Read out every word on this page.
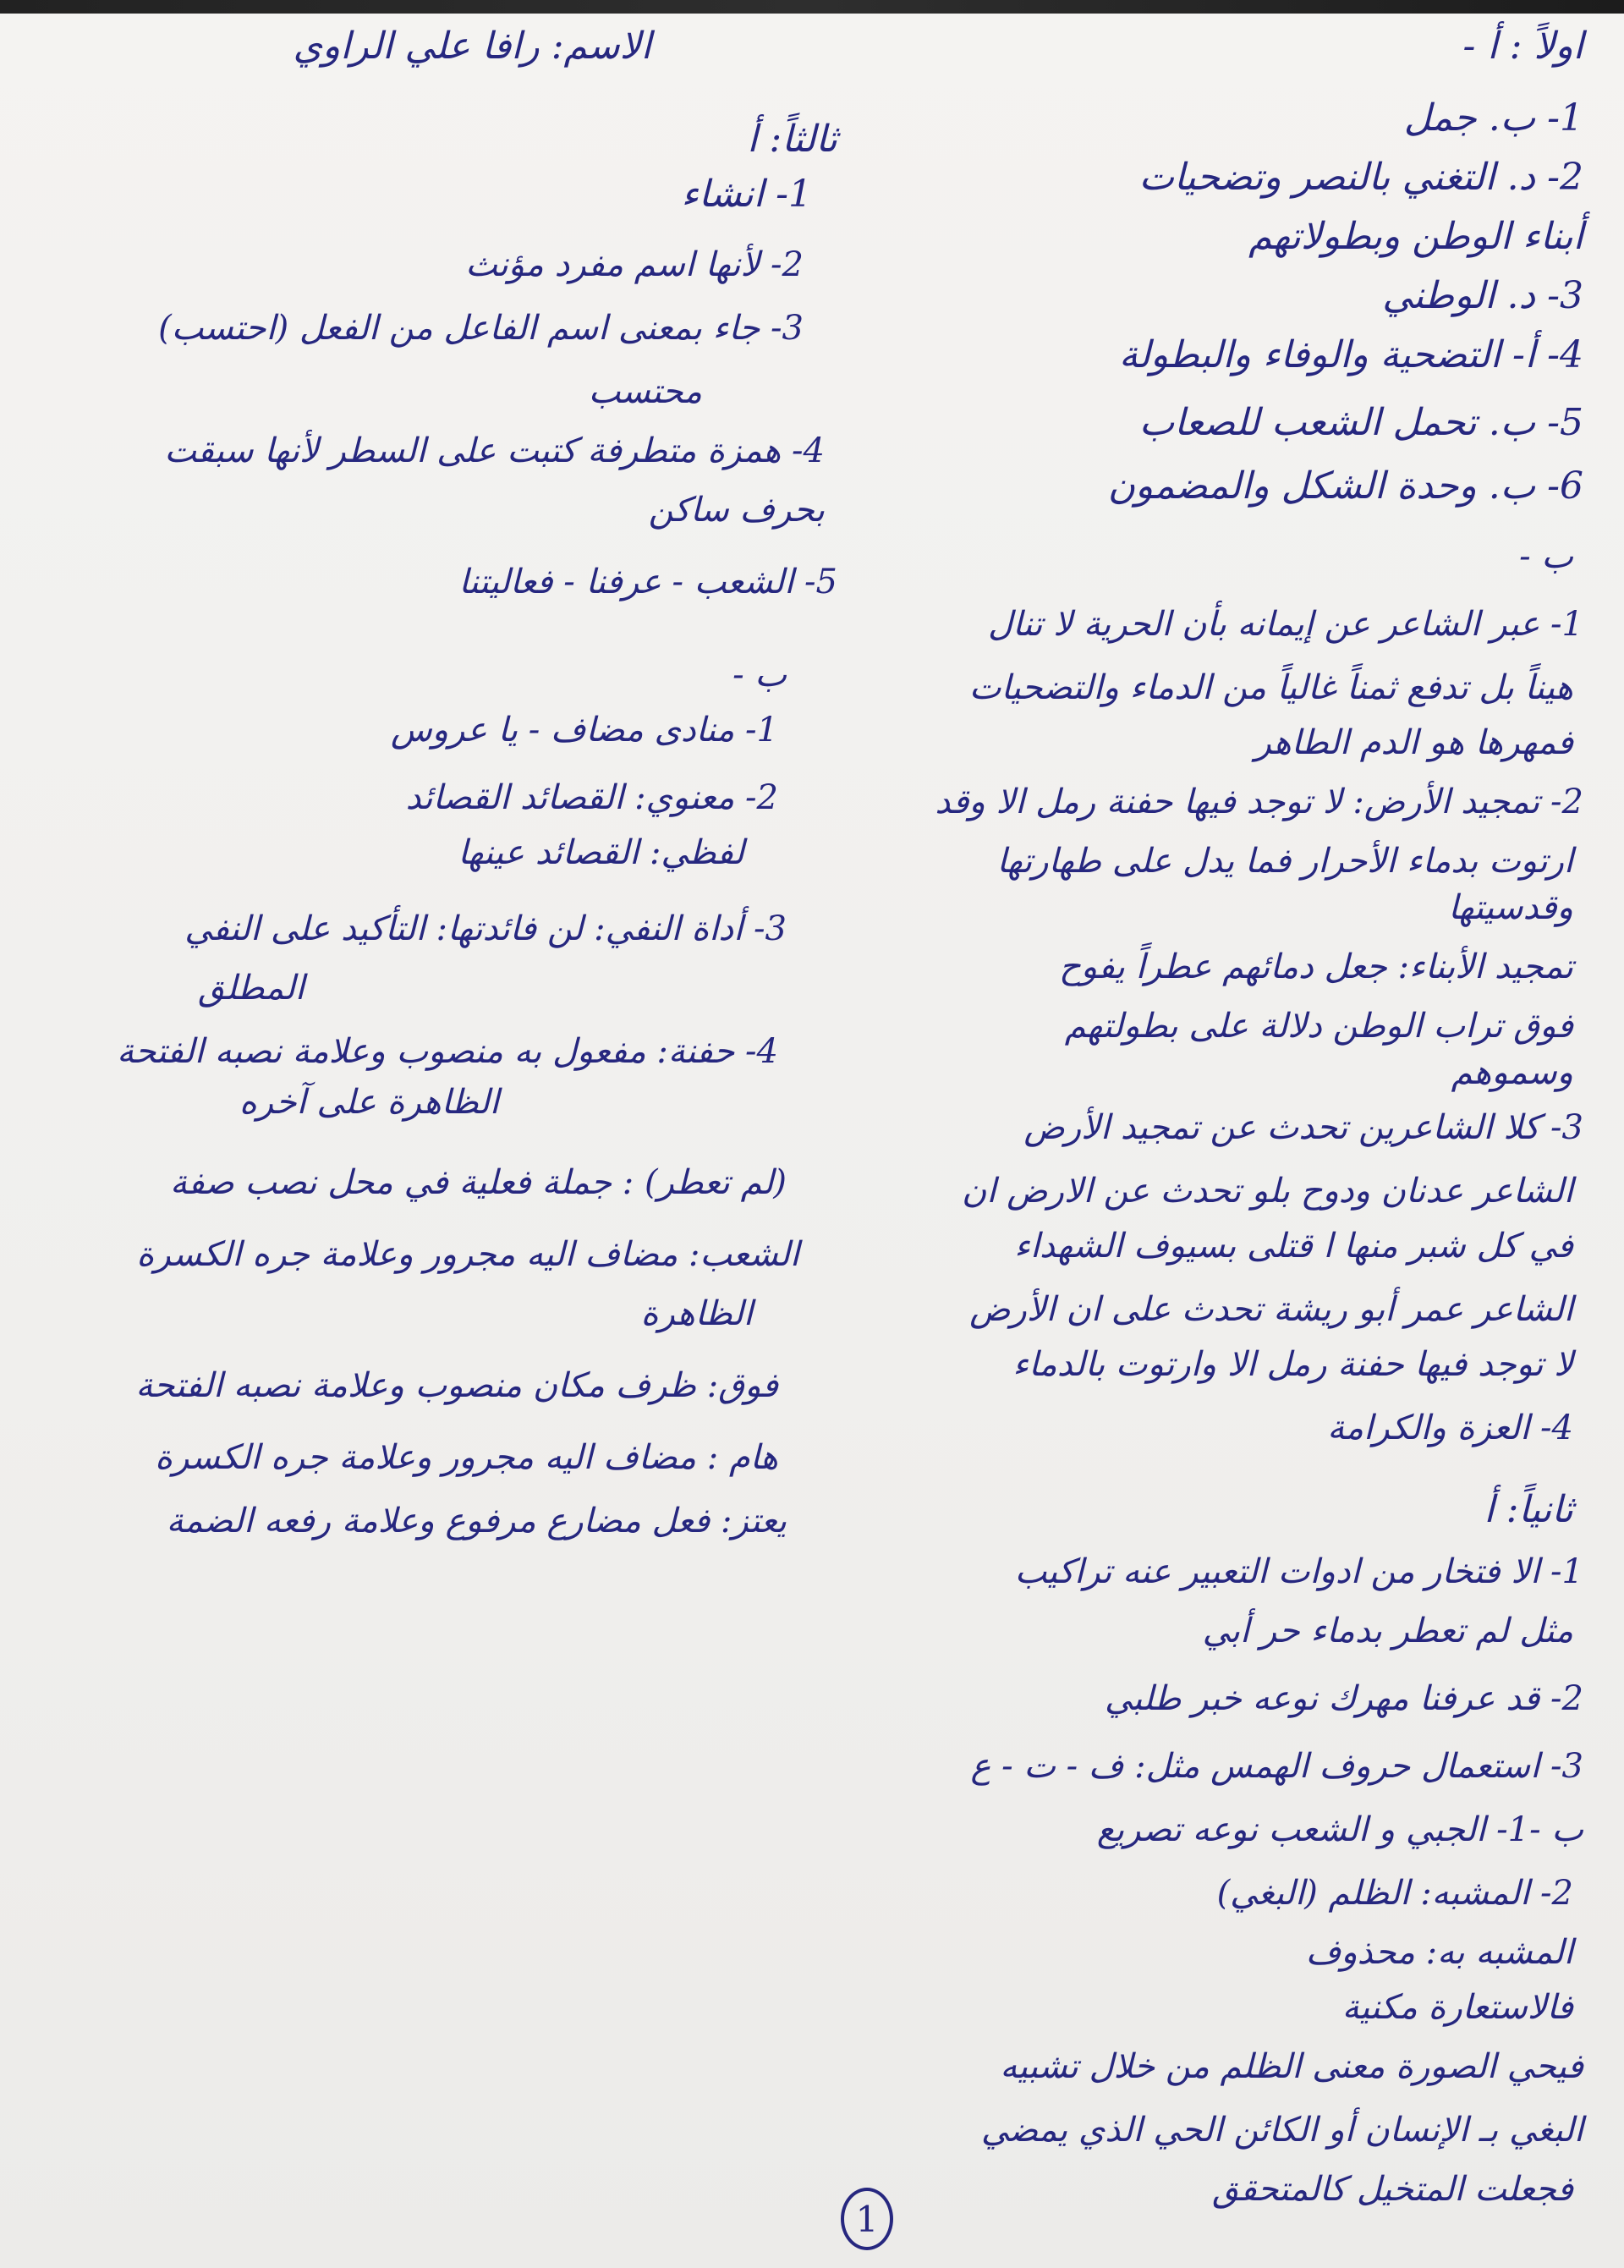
الاسم: رافا علي الراوي	اولاً : أ -
ثالثاً: أ
1- انشاء
2- لأنها اسم مفرد مؤنث
3- جاء بمعنى اسم الفاعل من الفعل (احتسب)
محتسب
4- همزة متطرفة كتبت على السطر لأنها سبقت
بحرف ساكن
5- الشعب - عرفنا - فعاليتنا
ب -
1- منادى مضاف - يا عروس
2- معنوي: القصائد القصائد
لفظي: القصائد عينها
3- أداة النفي: لن فائدتها: التأكيد على النفي
المطلق
4- حفنة: مفعول به منصوب وعلامة نصبه الفتحة
الظاهرة على آخره
(لم تعطر) : جملة فعلية في محل نصب صفة
الشعب: مضاف اليه مجرور وعلامة جره الكسرة
الظاهرة
فوق: ظرف مكان منصوب وعلامة نصبه الفتحة
هام : مضاف اليه مجرور وعلامة جره الكسرة
يعتز: فعل مضارع مرفوع وعلامة رفعه الضمة
1- ب. جمل
2- د. التغني بالنصر وتضحيات
أبناء الوطن وبطولاتهم
3- د. الوطني
4- أ- التضحية والوفاء والبطولة
5- ب. تحمل الشعب للصعاب
6- ب. وحدة الشكل والمضمون
ب -
1- عبر الشاعر عن إيمانه بأن الحرية لا تنال
هيناً بل تدفع ثمناً غالياً من الدماء والتضحيات
فمهرها هو الدم الطاهر
2- تمجيد الأرض: لا توجد فيها حفنة رمل الا وقد
ارتوت بدماء الأحرار فما يدل على طهارتها
وقدسيتها
تمجيد الأبناء: جعل دمائهم عطراً يفوح
فوق تراب الوطن دلالة على بطولتهم
وسموهم
3- كلا الشاعرين تحدث عن تمجيد الأرض
الشاعر عدنان ودوح بلو تحدث عن الارض ان
في كل شبر منها ا قتلى بسيوف الشهداء
الشاعر عمر أبو ريشة تحدث على ان الأرض
لا توجد فيها حفنة رمل الا وارتوت بالدماء
4- العزة والكرامة
ثانياً: أ
1- الا فتخار من ادوات التعبير عنه تراكيب
مثل لم تعطر بدماء حر أبي
2- قد عرفنا مهرك نوعه خبر طلبي
3- استعمال حروف الهمس مثل: ف - ت - ع
ب -1- الجبي و الشعب نوعه تصريع
2- المشبه: الظلم (البغي)
المشبه به: محذوف
فالاستعارة مكنية
فيحي الصورة معنى الظلم من خلال تشبيه
البغي بـ الإنسان أو الكائن الحي الذي يمضي
فجعلت المتخيل كالمتحقق
1
